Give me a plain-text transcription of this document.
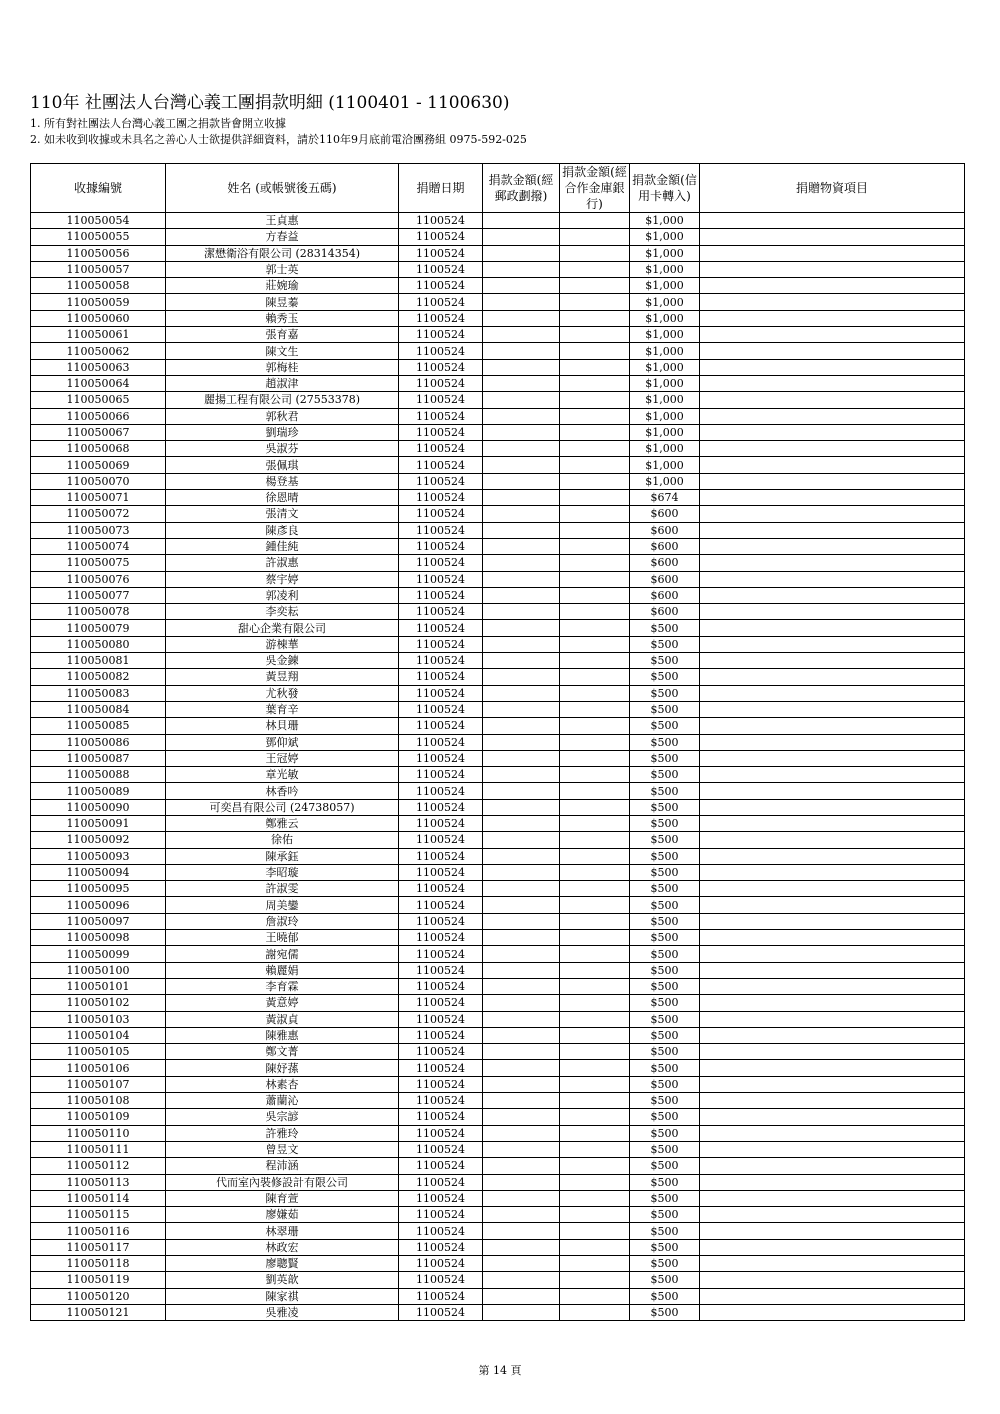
110年 社團法人台灣心義工團捐款明細 (1100401 - 1100630)
1. 所有對社團法人台灣心義工團之捐款皆會開立收據
2. 如未收到收據或未具名之善心人士欲提供詳細資料，請於110年9月底前電洽團務組 0975-592-025
收據編號	姓名 (或帳號後五碼)	捐贈日期	捐款金額(經郵政劃撥)	捐款金額(經合作金庫銀行)	捐款金額(信用卡轉入)	捐贈物資項目
110050054	王貞惠	1100524			$1,000	
110050055	方春益	1100524			$1,000	
110050056	潔懋衛浴有限公司 (28314354)	1100524			$1,000	
110050057	郭士英	1100524			$1,000	
110050058	莊婉瑜	1100524			$1,000	
110050059	陳昱蓁	1100524			$1,000	
110050060	賴秀玉	1100524			$1,000	
110050061	張育嘉	1100524			$1,000	
110050062	陳文生	1100524			$1,000	
110050063	郭梅桂	1100524			$1,000	
110050064	趙淑津	1100524			$1,000	
110050065	麗揚工程有限公司 (27553378)	1100524			$1,000	
110050066	郭秋君	1100524			$1,000	
110050067	劉瑞珍	1100524			$1,000	
110050068	吳淑芬	1100524			$1,000	
110050069	張佩琪	1100524			$1,000	
110050070	楊登基	1100524			$1,000	
110050071	徐恩晴	1100524			$674	
110050072	張清文	1100524			$600	
110050073	陳彥良	1100524			$600	
110050074	鍾佳純	1100524			$600	
110050075	許淑惠	1100524			$600	
110050076	蔡宇婷	1100524			$600	
110050077	郭凌利	1100524			$600	
110050078	李奕耘	1100524			$600	
110050079	甜心企業有限公司	1100524			$500	
110050080	游棟華	1100524			$500	
110050081	吳金鍊	1100524			$500	
110050082	黃昱翔	1100524			$500	
110050083	尤秋發	1100524			$500	
110050084	葉育辛	1100524			$500	
110050085	林貝珊	1100524			$500	
110050086	鄧仰斌	1100524			$500	
110050087	王冠婷	1100524			$500	
110050088	章光敏	1100524			$500	
110050089	林香吟	1100524			$500	
110050090	可奕昌有限公司 (24738057)	1100524			$500	
110050091	鄭雅云	1100524			$500	
110050092	徐佑	1100524			$500	
110050093	陳承鈺	1100524			$500	
110050094	李昭璇	1100524			$500	
110050095	許淑雯	1100524			$500	
110050096	周美鑾	1100524			$500	
110050097	詹淑玲	1100524			$500	
110050098	王曉郁	1100524			$500	
110050099	謝宛儒	1100524			$500	
110050100	賴麗娟	1100524			$500	
110050101	李育霖	1100524			$500	
110050102	黃意婷	1100524			$500	
110050103	黃淑貞	1100524			$500	
110050104	陳雅惠	1100524			$500	
110050105	鄭文菁	1100524			$500	
110050106	陳妤蓀	1100524			$500	
110050107	林素杏	1100524			$500	
110050108	蕭蘭沁	1100524			$500	
110050109	吳宗諺	1100524			$500	
110050110	許雅玲	1100524			$500	
110050111	曾昱文	1100524			$500	
110050112	程沛涵	1100524			$500	
110050113	代而室內裝修設計有限公司	1100524			$500	
110050114	陳育萱	1100524			$500	
110050115	廖嫌茹	1100524			$500	
110050116	林翠珊	1100524			$500	
110050117	林政宏	1100524			$500	
110050118	廖聰賢	1100524			$500	
110050119	劉英歆	1100524			$500	
110050120	陳家祺	1100524			$500	
110050121	吳雅凌	1100524			$500	
第 14 頁
